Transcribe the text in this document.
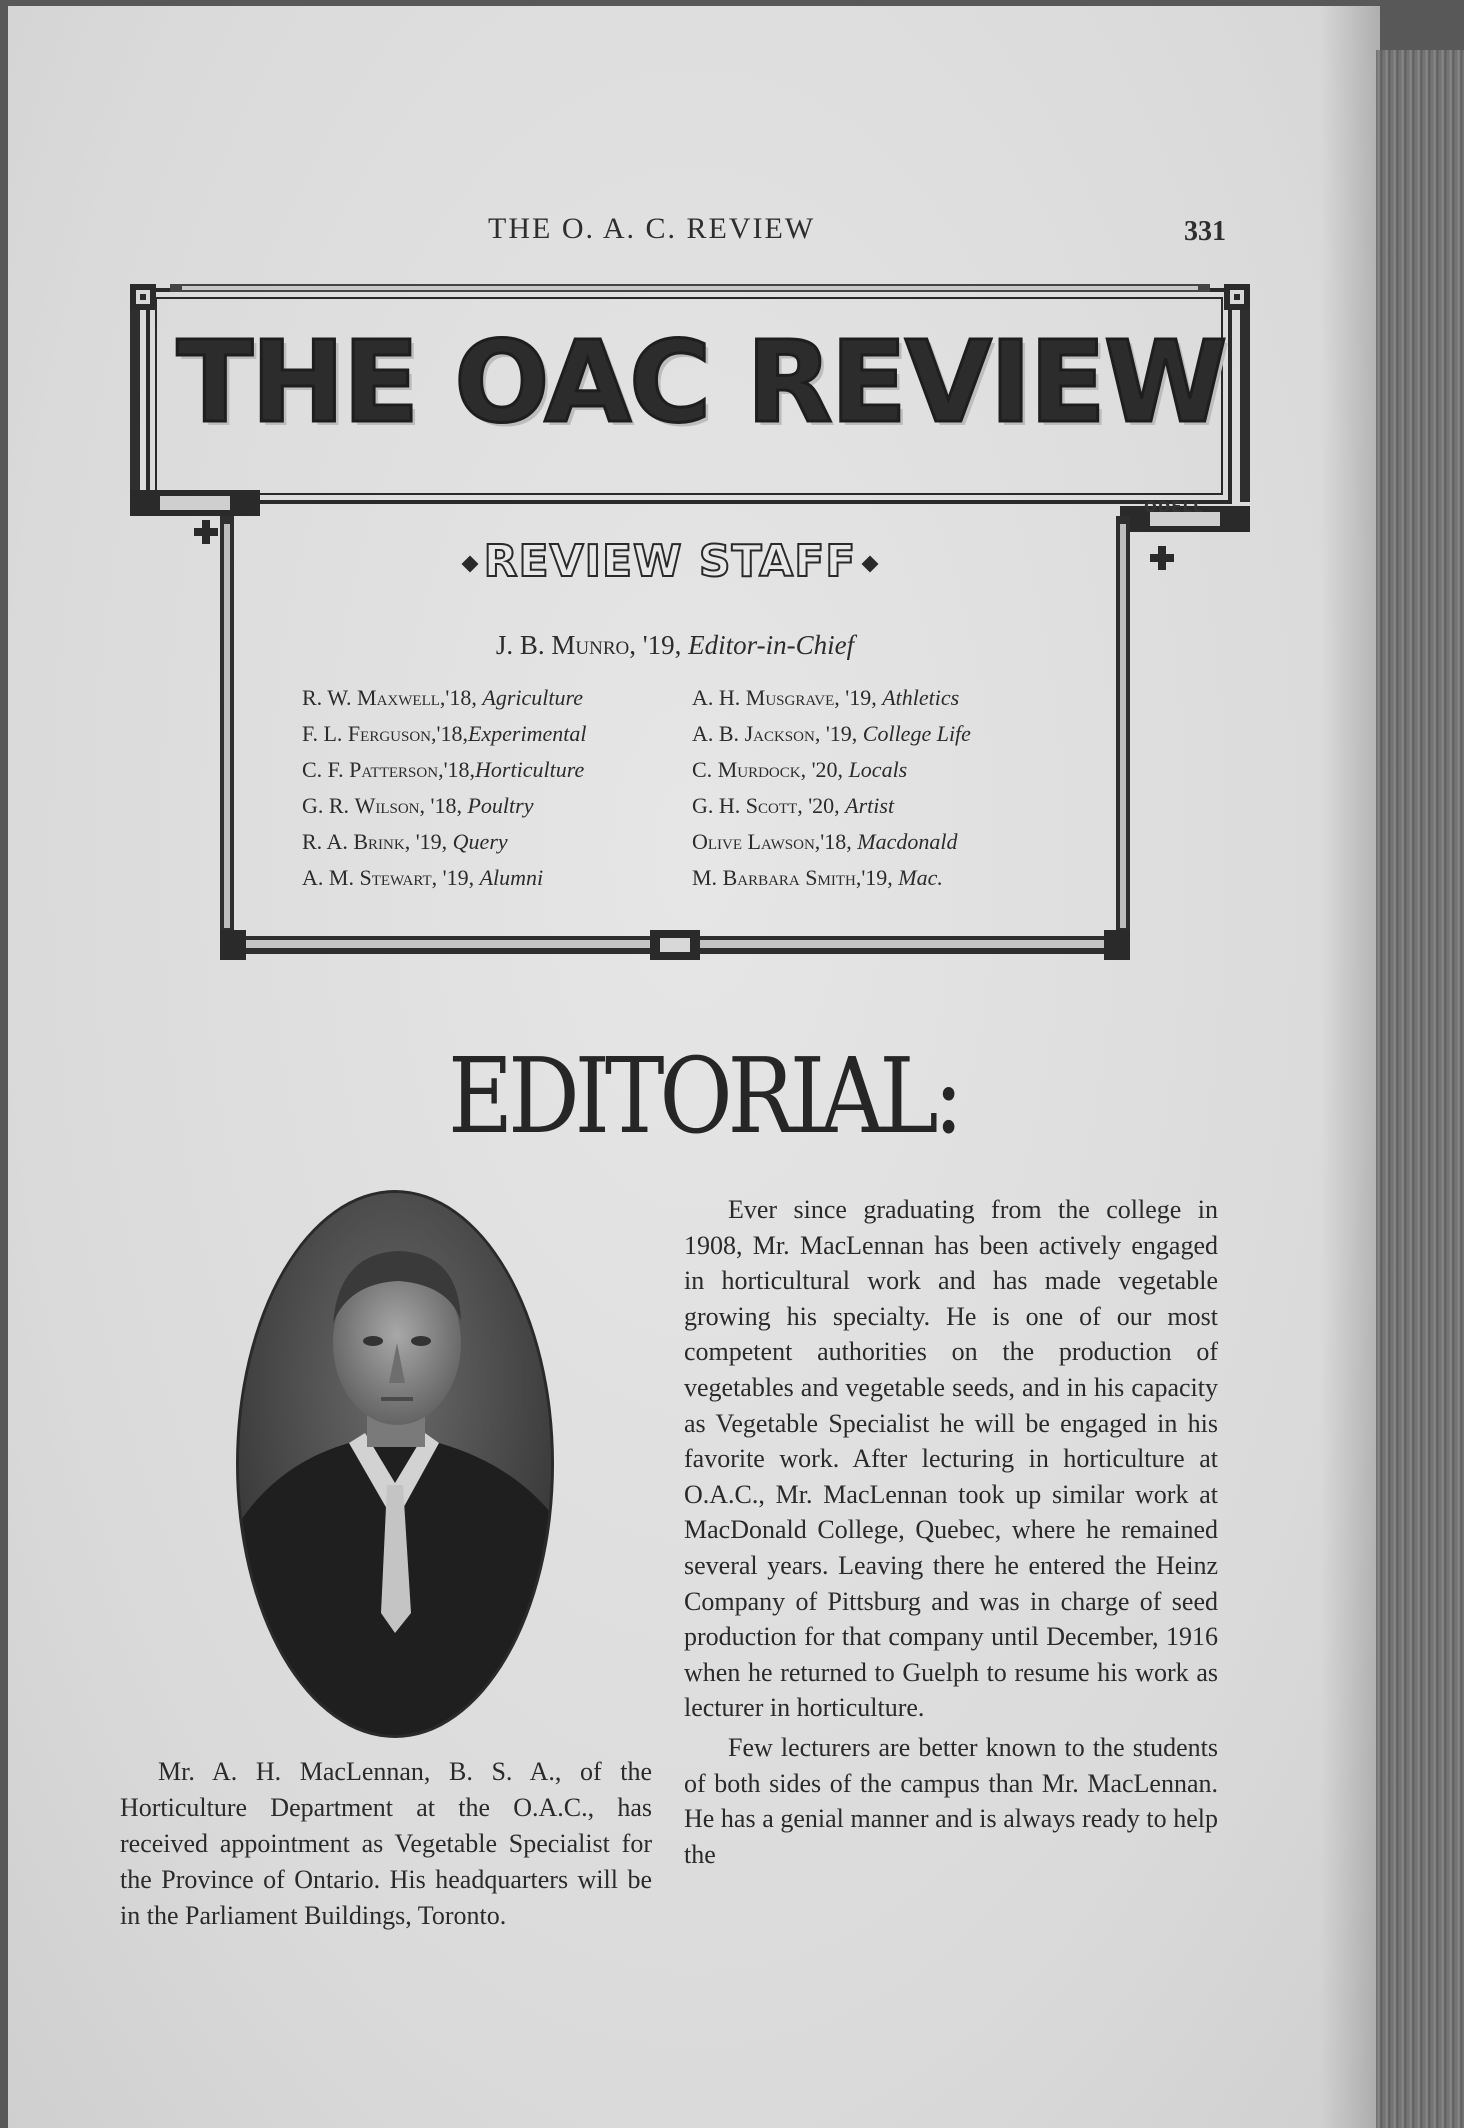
THE O. A. C. REVIEW	331
THE OAC REVIEW
ODELL
REVIEW STAFF
J. B. Munro, '19, Editor-in-Chief
R. W. Maxwell,'18, Agriculture
F. L. Ferguson,'18,Experimental
C. F. Patterson,'18,Horticulture
G. R. Wilson, '18, Poultry
R. A. Brink, '19, Query
A. M. Stewart, '19, Alumni
A. H. Musgrave, '19, Athletics
A. B. Jackson, '19, College Life
C. Murdock, '20, Locals
G. H. Scott, '20, Artist
Olive Lawson,'18, Macdonald
M. Barbara Smith,'19, Mac.
EDITORIAL:

Mr. A. H. MacLennan, B. S. A., of the Horticulture Department at the O.A.C., has received appointment as Vegetable Specialist for the Province of Ontario. His headquarters will be in the Parliament Buildings, Toronto.

Ever since graduating from the college in 1908, Mr. MacLennan has been actively engaged in horticultural work and has made vegetable growing his specialty. He is one of our most competent authorities on the production of vegetables and vegetable seeds, and in his capacity as Vegetable Specialist he will be engaged in his favorite work. After lecturing in horticulture at O.A.C., Mr. MacLennan took up similar work at MacDonald College, Quebec, where he remained several years. Leaving there he entered the Heinz Company of Pittsburg and was in charge of seed production for that company until December, 1916 when he returned to Guelph to resume his work as lecturer in horticulture.

Few lecturers are better known to the students of both sides of the campus than Mr. MacLennan. He has a genial manner and is always ready to help the
